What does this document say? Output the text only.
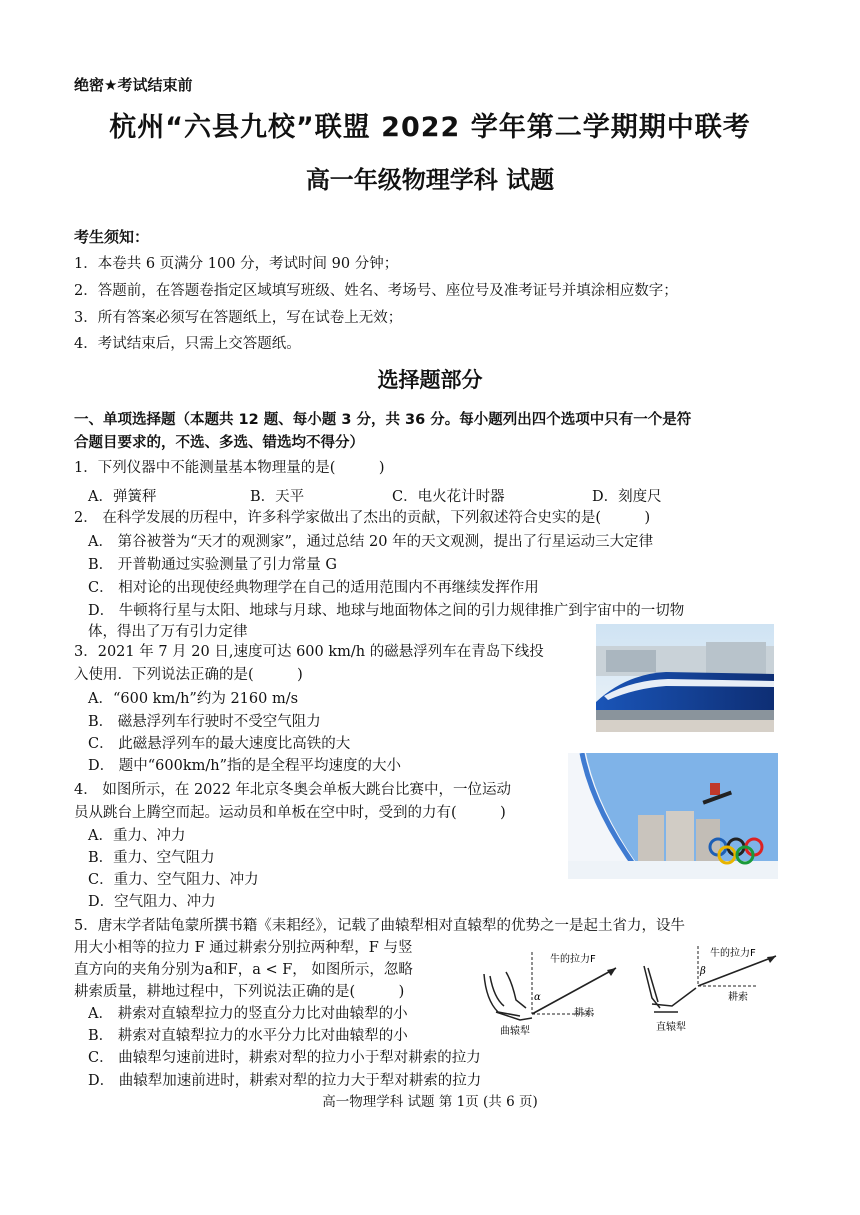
绝密★考试结束前
杭州“六县九校”联盟 2022 学年第二学期期中联考
高一年级物理学科 试题
考生须知：
1．本卷共 6 页满分 100 分，考试时间 90 分钟；
2．答题前，在答题卷指定区域填写班级、姓名、考场号、座位号及准考证号并填涂相应数字；
3．所有答案必须写在答题纸上，写在试卷上无效；
4．考试结束后，只需上交答题纸。
选择题部分
一、单项选择题（本题共 12 题、每小题 3 分，共 36 分。每小题列出四个选项中只有一个是符
合题目要求的，不选、多选、错选均不得分）
1．下列仪器中不能测量基本物理量的是(　　　)
A．弹簧秤	B．天平	C．电火花计时器	D．刻度尺
2． 在科学发展的历程中，许多科学家做出了杰出的贡献，下列叙述符合史实的是(　　　)
A． 第谷被誉为“天才的观测家”，通过总结 20 年的天文观测，提出了行星运动三大定律
B． 开普勒通过实验测量了引力常量 G
C． 相对论的出现使经典物理学在自己的适用范围内不再继续发挥作用
D． 牛顿将行星与太阳、地球与月球、地球与地面物体之间的引力规律推广到宇宙中的一切物
体，得出了万有引力定律
3．2021 年 7 月 20 日,速度可达 600 km/h 的磁悬浮列车在青岛下线投
入使用．下列说法正确的是(　　　)
A．“600 km/h”约为 2160 m/s
B． 磁悬浮列车行驶时不受空气阻力
C． 此磁悬浮列车的最大速度比高铁的大
D． 题中“600km/h”指的是全程平均速度的大小
4． 如图所示，在 2022 年北京冬奥会单板大跳台比赛中，一位运动
员从跳台上腾空而起。运动员和单板在空中时，受到的力有(　　　)
A．重力、冲力
B．重力、空气阻力
C．重力、空气阻力、冲力
D．空气阻力、冲力
5．唐末学者陆龟蒙所撰书籍《耒耜经》，记载了曲辕犁相对直辕犁的优势之一是起土省力，设牛
用大小相等的拉力 F 通过耕索分别拉两种犁，F 与竖
直方向的夹角分别为a和F，a < F， 如图所示，忽略
耕索质量，耕地过程中，下列说法正确的是(　　　)
A． 耕索对直辕犁拉力的竖直分力比对曲辕犁的小
B． 耕索对直辕犁拉力的水平分力比对曲辕犁的小
C． 曲辕犁匀速前进时，耕索对犁的拉力小于犁对耕索的拉力
D． 曲辕犁加速前进时，耕索对犁的拉力大于犁对耕索的拉力
α
牛的拉力F
耕索
曲辕犁
β
牛的拉力F
耕索
直辕犁
高一物理学科 试题 第 1页 (共 6 页)
